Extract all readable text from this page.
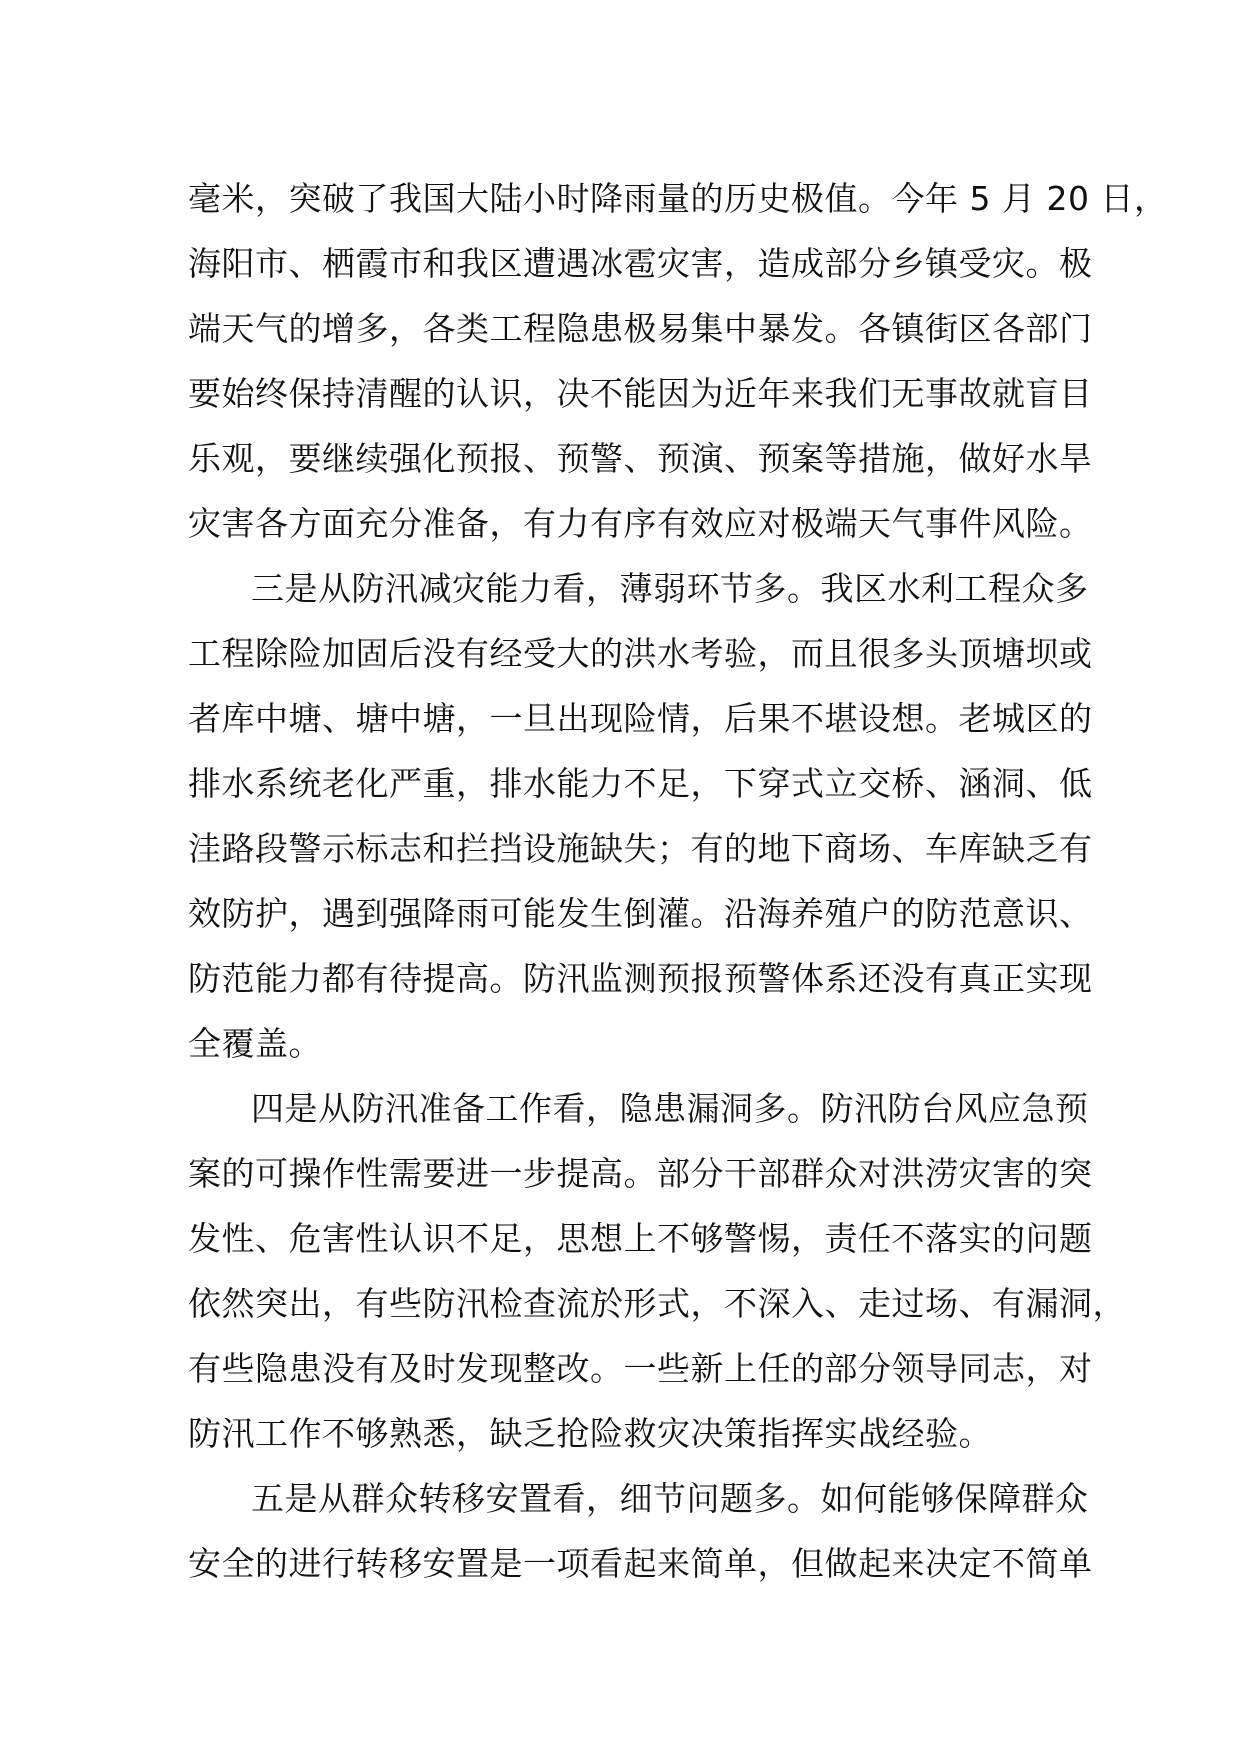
毫米，突破了我国大陆小时降雨量的历史极值。今年 5 月 20 日，
海阳市、栖霞市和我区遭遇冰雹灾害，造成部分乡镇受灾。极
端天气的增多，各类工程隐患极易集中暴发。各镇街区各部门
要始终保持清醒的认识，决不能因为近年来我们无事故就盲目
乐观，要继续强化预报、预警、预演、预案等措施，做好水旱
灾害各方面充分准备，有力有序有效应对极端天气事件风险。
三是从防汛减灾能力看，薄弱环节多。我区水利工程众多
工程除险加固后没有经受大的洪水考验，而且很多头顶塘坝或
者库中塘、塘中塘，一旦出现险情，后果不堪设想。老城区的
排水系统老化严重，排水能力不足，下穿式立交桥、涵洞、低
洼路段警示标志和拦挡设施缺失；有的地下商场、车库缺乏有
效防护，遇到强降雨可能发生倒灌。沿海养殖户的防范意识、
防范能力都有待提高。防汛监测预报预警体系还没有真正实现
全覆盖。
四是从防汛准备工作看，隐患漏洞多。防汛防台风应急预
案的可操作性需要进一步提高。部分干部群众对洪涝灾害的突
发性、危害性认识不足，思想上不够警惕，责任不落实的问题
依然突出，有些防汛检查流於形式，不深入、走过场、有漏洞，
有些隐患没有及时发现整改。一些新上任的部分领导同志，对
防汛工作不够熟悉，缺乏抢险救灾决策指挥实战经验。
五是从群众转移安置看，细节问题多。如何能够保障群众
安全的进行转移安置是一项看起来简单，但做起来决定不简单
